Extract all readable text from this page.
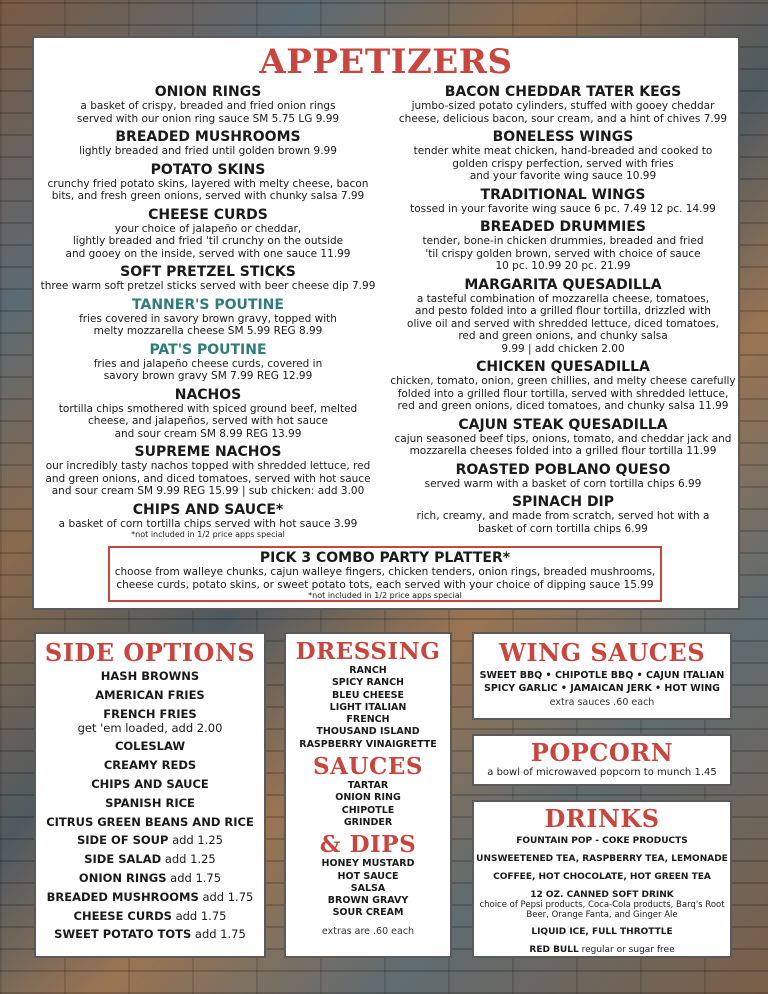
APPETIZERS
ONION RINGS
a basket of crispy, breaded and fried onion rings
served with our onion ring sauce SM 5.75 LG 9.99
BREADED MUSHROOMS
lightly breaded and fried until golden brown 9.99
POTATO SKINS
crunchy fried potato skins, layered with melty cheese, bacon
bits, and fresh green onions, served with chunky salsa 7.99
CHEESE CURDS
your choice of jalapeño or cheddar,
lightly breaded and fried 'til crunchy on the outside
and gooey on the inside, served with one sauce 11.99
SOFT PRETZEL STICKS
three warm soft pretzel sticks served with beer cheese dip 7.99
TANNER'S POUTINE
fries covered in savory brown gravy, topped with
melty mozzarella cheese SM 5.99 REG 8.99
PAT'S POUTINE
fries and jalapeño cheese curds, covered in
savory brown gravy SM 7.99 REG 12.99
NACHOS
tortilla chips smothered with spiced ground beef, melted
cheese, and jalapeños, served with hot sauce
and sour cream SM 8.99 REG 13.99
SUPREME NACHOS
our incredibly tasty nachos topped with shredded lettuce, red
and green onions, and diced tomatoes, served with hot sauce
and sour cream SM 9.99 REG 15.99 | sub chicken: add 3.00
CHIPS AND SAUCE*
a basket of corn tortilla chips served with hot sauce 3.99
*not included in 1/2 price apps special
BACON CHEDDAR TATER KEGS
jumbo-sized potato cylinders, stuffed with gooey cheddar
cheese, delicious bacon, sour cream, and a hint of chives 7.99
BONELESS WINGS
tender white meat chicken, hand-breaded and cooked to
golden crispy perfection, served with fries
and your favorite wing sauce 10.99
TRADITIONAL WINGS
tossed in your favorite wing sauce 6 pc. 7.49 12 pc. 14.99
BREADED DRUMMIES
tender, bone-in chicken drummies, breaded and fried
'til crispy golden brown, served with choice of sauce
10 pc. 10.99 20 pc. 21.99
MARGARITA QUESADILLA
a tasteful combination of mozzarella cheese, tomatoes,
and pesto folded into a grilled flour tortilla, drizzled with
olive oil and served with shredded lettuce, diced tomatoes,
red and green onions, and chunky salsa
9.99 | add chicken 2.00
CHICKEN QUESADILLA
chicken, tomato, onion, green chillies, and melty cheese carefully
folded into a grilled flour tortilla, served with shredded lettuce,
red and green onions, diced tomatoes, and chunky salsa 11.99
CAJUN STEAK QUESADILLA
cajun seasoned beef tips, onions, tomato, and cheddar jack and
mozzarella cheeses folded into a grilled flour tortilla 11.99
ROASTED POBLANO QUESO
served warm with a basket of corn tortilla chips 6.99
SPINACH DIP
rich, creamy, and made from scratch, served hot with a
basket of corn tortilla chips 6.99
PICK 3 COMBO PARTY PLATTER*
choose from walleye chunks, cajun walleye fingers, chicken tenders, onion rings, breaded mushrooms,
cheese curds, potato skins, or sweet potato tots, each served with your choice of dipping sauce 15.99
*not included in 1/2 price apps special
SIDE OPTIONS
HASH BROWNS
AMERICAN FRIES
FRENCH FRIES
get 'em loaded, add 2.00
COLESLAW
CREAMY REDS
CHIPS AND SAUCE
SPANISH RICE
CITRUS GREEN BEANS AND RICE
SIDE OF SOUP add 1.25
SIDE SALAD add 1.25
ONION RINGS add 1.75
BREADED MUSHROOMS add 1.75
CHEESE CURDS add 1.75
SWEET POTATO TOTS add 1.75
DRESSING
RANCH
SPICY RANCH
BLEU CHEESE
LIGHT ITALIAN
FRENCH
THOUSAND ISLAND
RASPBERRY VINAIGRETTE
SAUCES
TARTAR
ONION RING
CHIPOTLE
GRINDER
& DIPS
HONEY MUSTARD
HOT SAUCE
SALSA
BROWN GRAVY
SOUR CREAM
extras are .60 each
WING SAUCES
SWEET BBQ • CHIPOTLE BBQ • CAJUN ITALIAN
SPICY GARLIC • JAMAICAN JERK • HOT WING
extra sauces .60 each
POPCORN
a bowl of microwaved popcorn to munch 1.45
DRINKS
FOUNTAIN POP - COKE PRODUCTS
UNSWEETENED TEA, RASPBERRY TEA, LEMONADE
COFFEE, HOT CHOCOLATE, HOT GREEN TEA
12 OZ. CANNED SOFT DRINK
choice of Pepsi products, Coca-Cola products, Barq's Root Beer, Orange Fanta, and Ginger Ale
LIQUID ICE, FULL THROTTLE
RED BULL regular or sugar free
